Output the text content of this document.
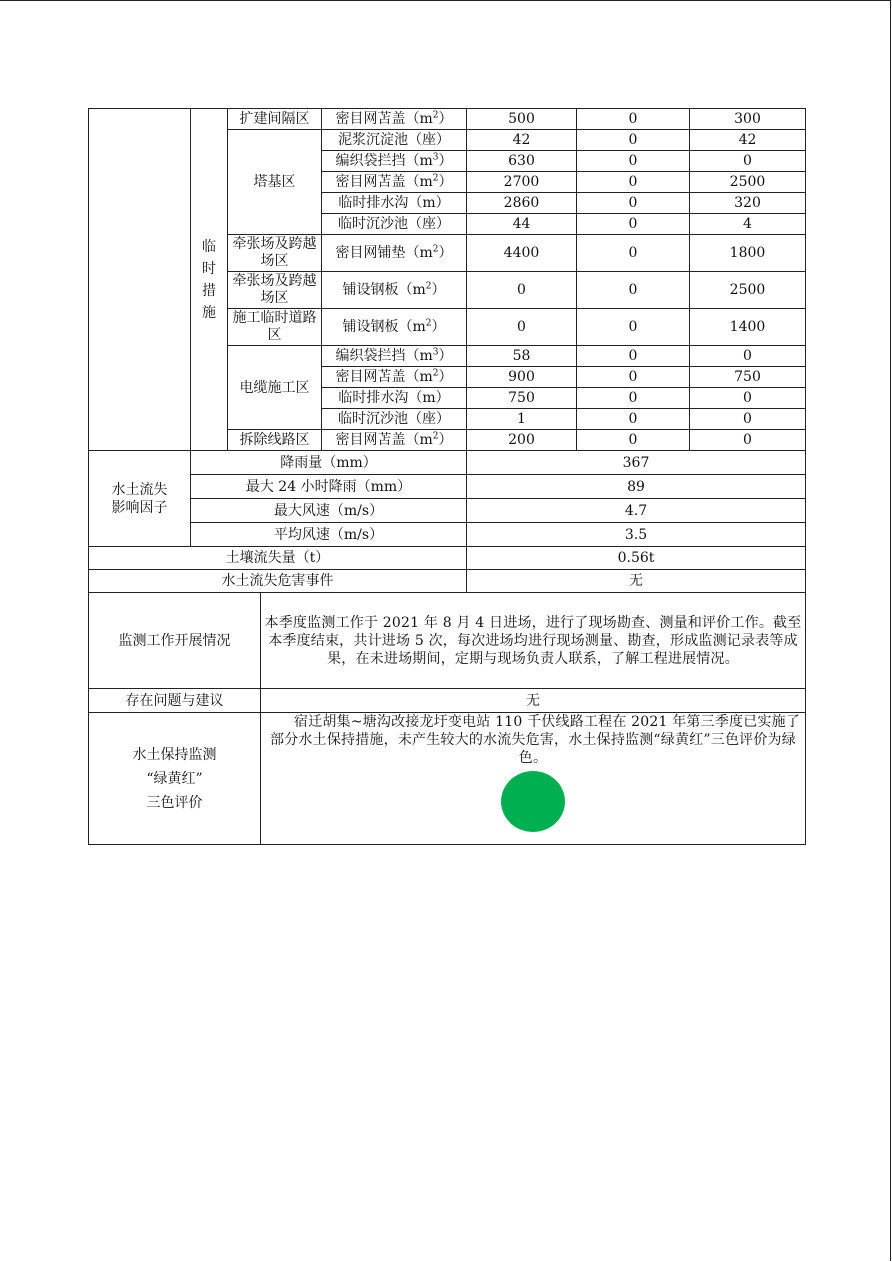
	临时措施	扩建间隔区		密目网苫盖$(m^2)$	500	0	300
		塔基区		泥浆沉淀池（座）	42	0	42
				编织袋拦挡$(m^3)$	630	0	0
				密目网苫盖$(m^2)$	2700	0	2500
				临时排水沟（m）	2860	0	320
				临时沉沙池（座）	44	0	4
		牵张场及跨越场区		密目网铺垫$(m^2)$	4400	0	1800
		牵张场及跨越场区		铺设钢板$(m^2)$	0	0	2500
		施工临时道路区		铺设钢板$(m^2)$	0	0	1400
		电缆施工区		编织袋拦挡$(m^3)$	58	0	0
				密目网苫盖$(m^2)$	900	0	750
				临时排水沟（m）	750	0	0
				临时沉沙池（座）	1	0	0
		拆除线路区		密目网苫盖$(m^2)$	200	0	0
水土流失
影响因子	降雨量（mm）				367		
	最大 24 小时降雨（mm）				89		
	最大风速（m/s）				4.7		
	平均风速（m/s）				3.5		
土壤流失量（t）					0.56t		
水土流失危害事件					无		
监测工作开展情况			本季度监测工作于 2021 年 8 月 4 日进场，进行了现场勘查、测量和评价工作。截至本季度结束，共计进场 5 次，每次进场均进行现场测量、勘查，形成监测记录表等成果，在未进场期间，定期与现场负责人联系，了解工程进展情况。				

存在问题与建议			无				
水土保持监测
“绿黄红”
三色评价			宿迁胡集~塘沟改接龙圩变电站 110 千伏线路工程在 2021 年第三季度已实施了部分水土保持措施，未产生较大的水流失危害，水土保持监测“绿黄红”三色评价为绿色。				
